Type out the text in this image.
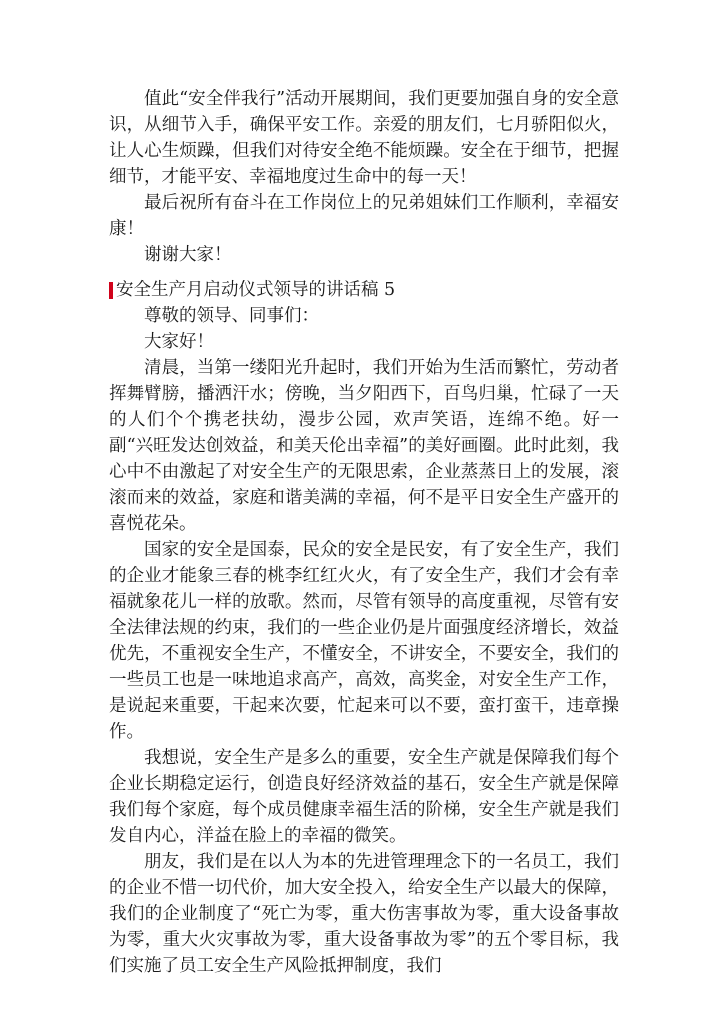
值此“安全伴我行”活动开展期间，我们更要加强自身的安全意识，从细节入手，确保平安工作。亲爱的朋友们，七月骄阳似火，让人心生烦躁，但我们对待安全绝不能烦躁。安全在于细节，把握细节，才能平安、幸福地度过生命中的每一天！

最后祝所有奋斗在工作岗位上的兄弟姐妹们工作顺利，幸福安康！

谢谢大家！

安全生产月启动仪式领导的讲话稿 5

尊敬的领导、同事们：

大家好！

清晨，当第一缕阳光升起时，我们开始为生活而繁忙，劳动者挥舞臂膀，播洒汗水；傍晚，当夕阳西下，百鸟归巢，忙碌了一天的人们个个携老扶幼，漫步公园，欢声笑语，连绵不绝。好一副“兴旺发达创效益，和美天伦出幸福”的美好画圈。此时此刻，我心中不由激起了对安全生产的无限思索，企业蒸蒸日上的发展，滚滚而来的效益，家庭和谐美满的幸福，何不是平日安全生产盛开的喜悦花朵。

国家的安全是国泰，民众的安全是民安，有了安全生产，我们的企业才能象三春的桃李红红火火，有了安全生产，我们才会有幸福就象花儿一样的放歌。然而，尽管有领导的高度重视，尽管有安全法律法规的约束，我们的一些企业仍是片面强度经济增长，效益优先，不重视安全生产，不懂安全，不讲安全，不要安全，我们的一些员工也是一味地追求高产，高效，高奖金，对安全生产工作，是说起来重要，干起来次要，忙起来可以不要，蛮打蛮干，违章操作。

我想说，安全生产是多么的重要，安全生产就是保障我们每个企业长期稳定运行，创造良好经济效益的基石，安全生产就是保障我们每个家庭，每个成员健康幸福生活的阶梯，安全生产就是我们发自内心，洋益在脸上的幸福的微笑。

朋友，我们是在以人为本的先进管理理念下的一名员工，我们的企业不惜一切代价，加大安全投入，给安全生产以最大的保障，我们的企业制度了“死亡为零，重大伤害事故为零，重大设备事故为零，重大火灾事故为零，重大设备事故为零”的五个零目标，我们实施了员工安全生产风险抵押制度，我们
